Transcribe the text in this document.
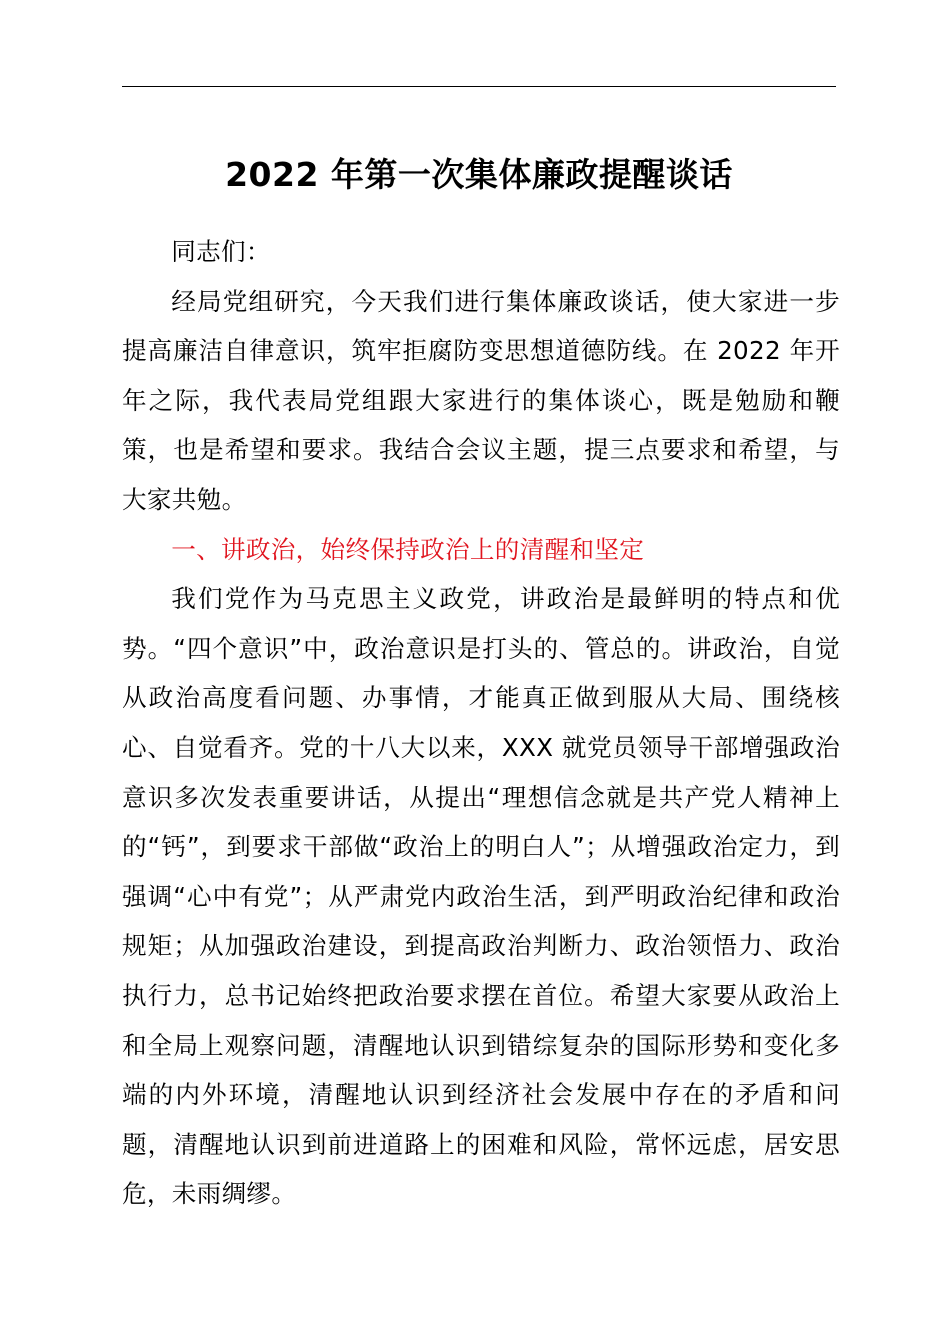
2022 年第一次集体廉政提醒谈话

同志们：

经局党组研究，今天我们进行集体廉政谈话，使大家进一步提高廉洁自律意识，筑牢拒腐防变思想道德防线。在 2022 年开年之际，我代表局党组跟大家进行的集体谈心，既是勉励和鞭策，也是希望和要求。我结合会议主题，提三点要求和希望，与大家共勉。

一、讲政治，始终保持政治上的清醒和坚定

我们党作为马克思主义政党，讲政治是最鲜明的特点和优势。“四个意识”中，政治意识是打头的、管总的。讲政治，自觉从政治高度看问题、办事情，才能真正做到服从大局、围绕核心、自觉看齐。党的十八大以来，XXX 就党员领导干部增强政治意识多次发表重要讲话，从提出“理想信念就是共产党人精神上的“钙”，到要求干部做“政治上的明白人”；从增强政治定力，到强调“心中有党”；从严肃党内政治生活，到严明政治纪律和政治规矩；从加强政治建设，到提高政治判断力、政治领悟力、政治执行力，总书记始终把政治要求摆在首位。希望大家要从政治上和全局上观察问题，清醒地认识到错综复杂的国际形势和变化多端的内外环境，清醒地认识到经济社会发展中存在的矛盾和问题，清醒地认识到前进道路上的困难和风险，常怀远虑，居安思危，未雨绸缪。
